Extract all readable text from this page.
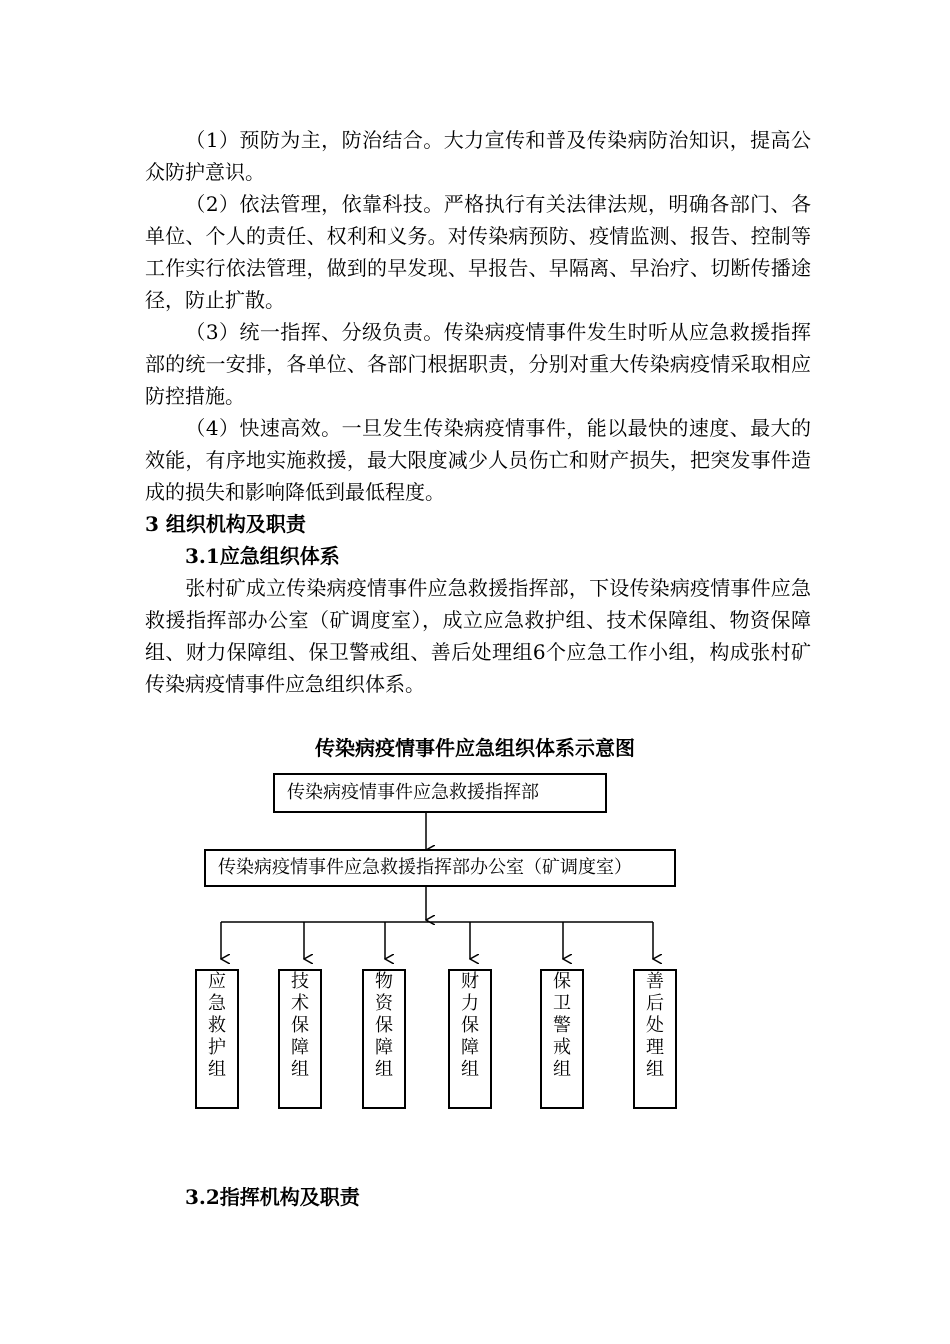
（1）预防为主，防治结合。大力宣传和普及传染病防治知识，提高公众防护意识。

（2）依法管理，依靠科技。严格执行有关法律法规，明确各部门、各单位、个人的责任、权利和义务。对传染病预防、疫情监测、报告、控制等工作实行依法管理，做到的早发现、早报告、早隔离、早治疗、切断传播途径，防止扩散。

（3）统一指挥、分级负责。传染病疫情事件发生时听从应急救援指挥部的统一安排，各单位、各部门根据职责，分别对重大传染病疫情采取相应防控措施。

（4）快速高效。一旦发生传染病疫情事件，能以最快的速度、最大的效能，有序地实施救援，最大限度减少人员伤亡和财产损失，把突发事件造成的损失和影响降低到最低程度。

3 组织机构及职责
3.1应急组织体系

张村矿成立传染病疫情事件应急救援指挥部，下设传染病疫情事件应急救援指挥部办公室（矿调度室），成立应急救护组、技术保障组、物资保障组、财力保障组、保卫警戒组、善后处理组6个应急工作小组，构成张村矿传染病疫情事件应急组织体系。

传染病疫情事件应急组织体系示意图
传染病疫情事件应急救援指挥部
传染病疫情事件应急救援指挥部办公室（矿调度室）
应急救护组
技术保障组
物资保障组
财力保障组
保卫警戒组
善后处理组
3.2指挥机构及职责
